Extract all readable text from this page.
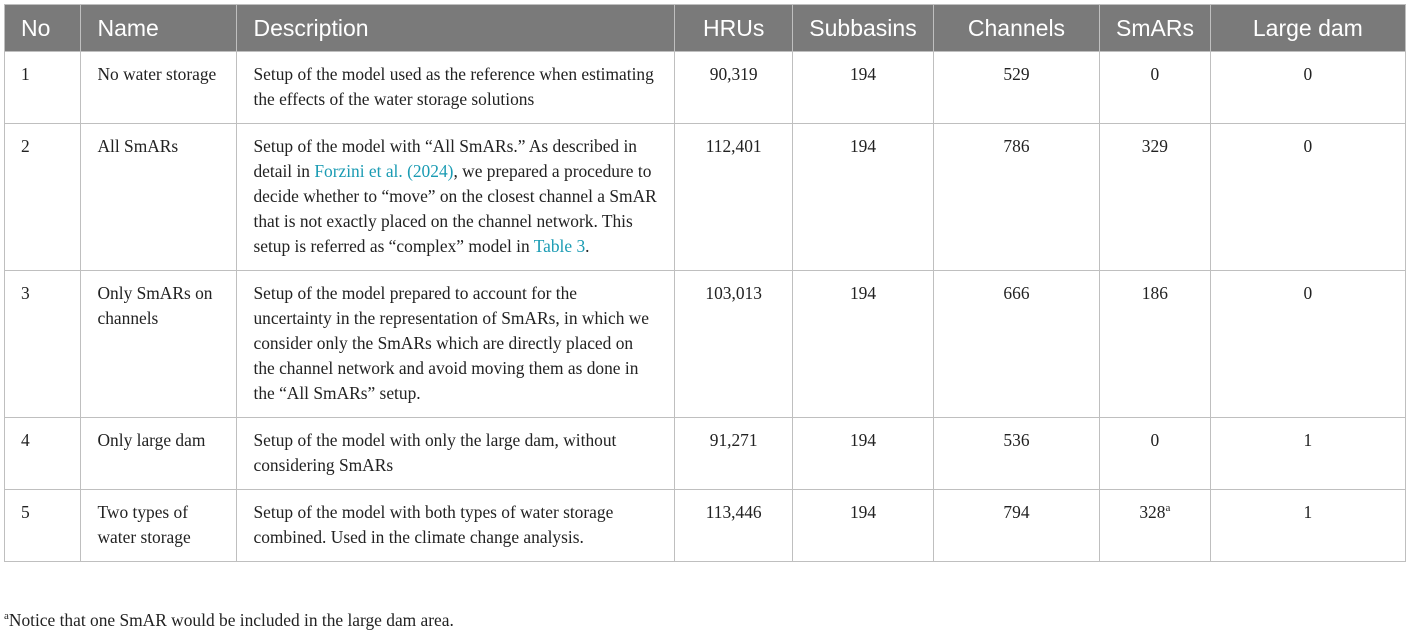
No	Name	Description	HRUs	Subbasins	Channels	SmARs	Large dam
1	No water storage	Setup of the model used as the reference when estimating the effects of the water storage solutions	90,319	194	529	0	0
2	All SmARs	Setup of the model with “All SmARs.” As described in detail in Forzini et al. (2024), we prepared a procedure to decide whether to “move” on the closest channel a SmAR that is not exactly placed on the channel network. This setup is referred as “complex” model in Table 3.	112,401	194	786	329	0
3	Only SmARs on channels	Setup of the model prepared to account for the uncertainty in the representation of SmARs, in which we consider only the SmARs which are directly placed on the channel network and avoid moving them as done in the “All SmARs” setup.	103,013	194	666	186	0
4	Only large dam	Setup of the model with only the large dam, without considering SmARs	91,271	194	536	0	1
5	Two types of water storage	Setup of the model with both types of water storage combined. Used in the climate change analysis.	113,446	194	794	328$^a$	1
$^a$Notice that one SmAR would be included in the large dam area.
